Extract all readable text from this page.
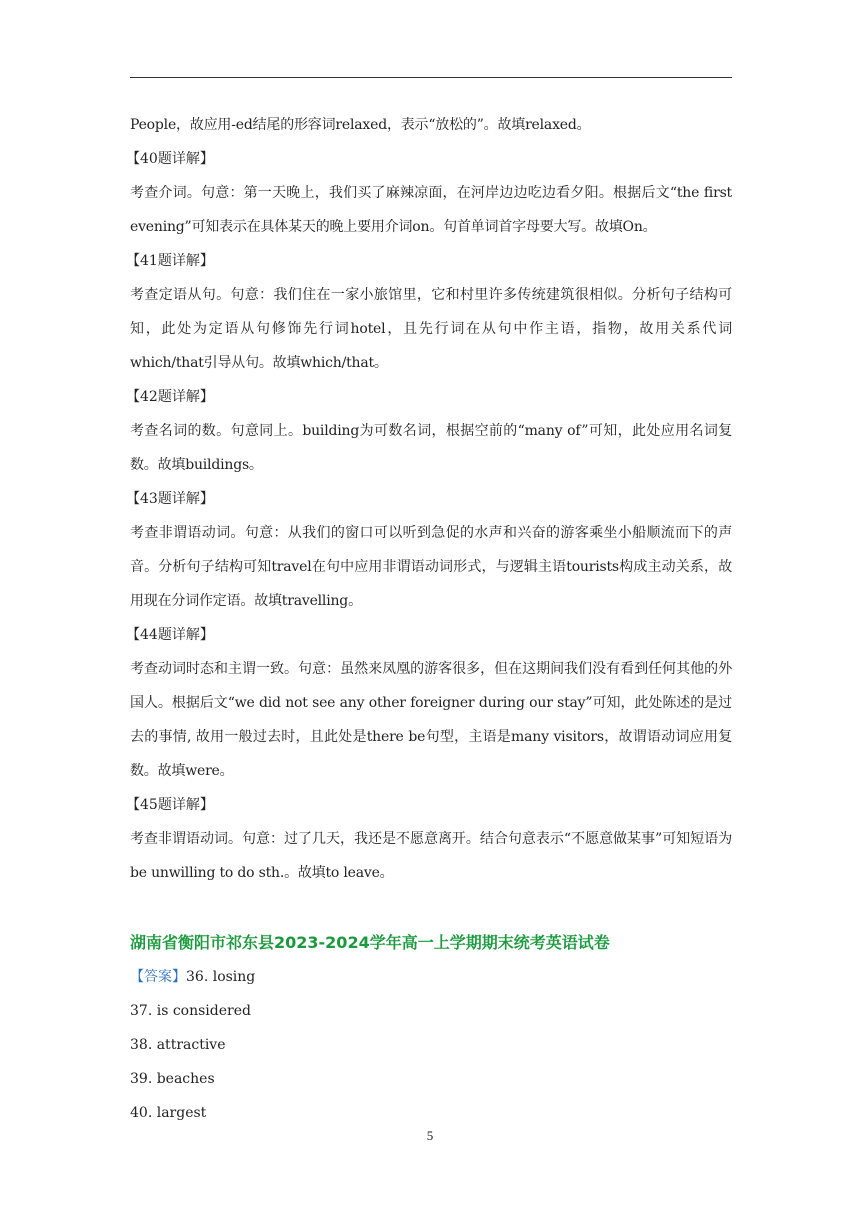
People，故应用-ed结尾的形容词relaxed，表示“放松的”。故填relaxed。

【40题详解】

考查介词。句意：第一天晚上，我们买了麻辣凉面，在河岸边边吃边看夕阳。根据后文“the first evening”可知表示在具体某天的晚上要用介词on。句首单词首字母要大写。故填On。

【41题详解】

考查定语从句。句意：我们住在一家小旅馆里，它和村里许多传统建筑很相似。分析句子结构可知，此处为定语从句修饰先行词hotel，且先行词在从句中作主语，指物，故用关系代词which/that引导从句。故填which/that。

【42题详解】

考查名词的数。句意同上。building为可数名词，根据空前的“many of”可知，此处应用名词复数。故填buildings。

【43题详解】

考查非谓语动词。句意：从我们的窗口可以听到急促的水声和兴奋的游客乘坐小船顺流而下的声音。分析句子结构可知travel在句中应用非谓语动词形式，与逻辑主语tourists构成主动关系，故用现在分词作定语。故填travelling。

【44题详解】

考查动词时态和主谓一致。句意：虽然来凤凰的游客很多，但在这期间我们没有看到任何其他的外国人。根据后文“we did not see any other foreigner during our stay”可知，此处陈述的是过去的事情, 故用一般过去时，且此处是there be句型，主语是many visitors，故谓语动词应用复数。故填were。

【45题详解】

考查非谓语动词。句意：过了几天，我还是不愿意离开。结合句意表示“不愿意做某事”可知短语为be unwilling to do sth.。故填to leave。

湖南省衡阳市祁东县2023-2024学年高一上学期期末统考英语试卷

【答案】36. losing

37. is considered

38. attractive

39. beaches

40. largest

5
